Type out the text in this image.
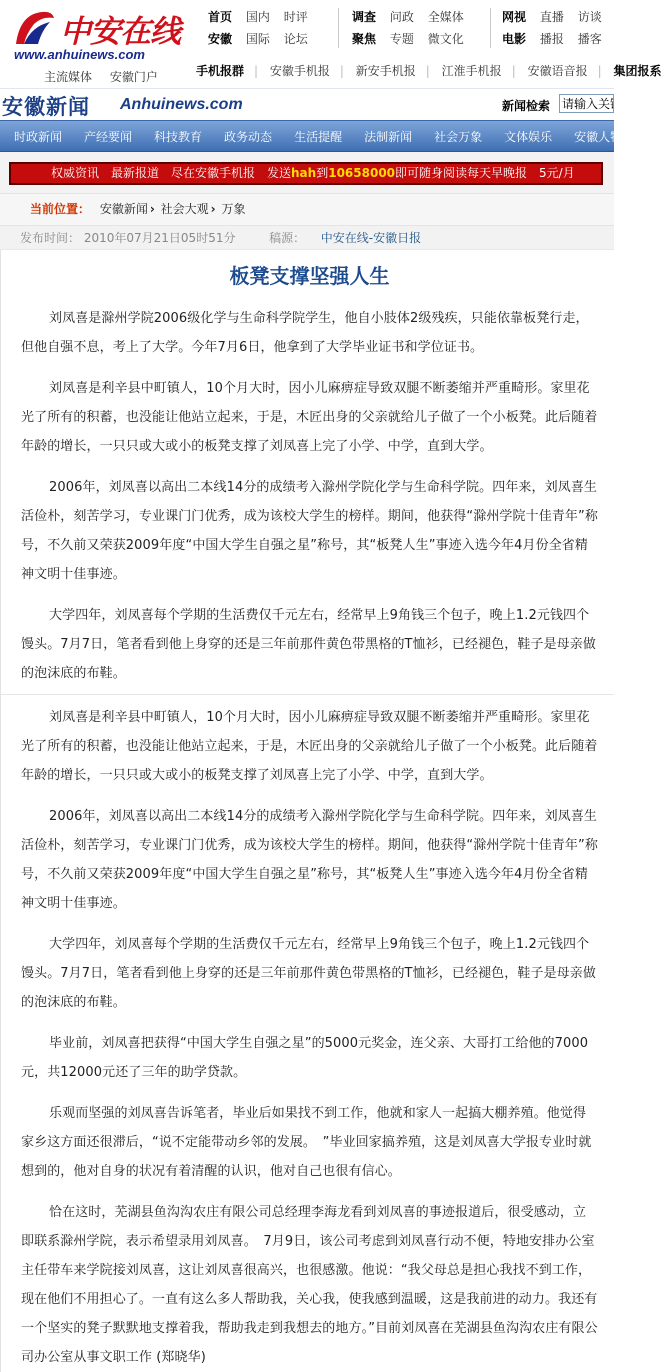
中安在线
www.anhuinews.com
主流媒体 安徽门户
首页 国内 时评
安徽 国际 论坛
调查 问政 全媒体
聚焦 专题 微文化
网视 直播 访谈
电影 播报 播客
手机报群 | 安徽手机报 | 新安手机报 | 江淮手机报 | 安徽语音报 | 集团报系
安徽新闻 Anhuinews.com	新闻检索
请输入关键
时政新闻 产经要闻 科技教育 政务动态 生活提醒 法制新闻 社会万象 文体娱乐 安徽人物
权威资讯　最新报道　尽在安徽手机报　发送hah到10658000即可随身阅读每天早晚报　5元/月
当前位置： 安徽新闻 › 社会大观 › 万象
发布时间： 2010年07月21日05时51分	稿源： 中安在线-安徽日报
板凳支撑坚强人生

刘凤喜是滁州学院2006级化学与生命科学院学生，他自小肢体2级残疾，只能依靠板凳行走，但他自强不息，考上了大学。今年7月6日，他拿到了大学毕业证书和学位证书。

刘凤喜是利辛县中町镇人，10个月大时，因小儿麻痹症导致双腿不断萎缩并严重畸形。家里花光了所有的积蓄，也没能让他站立起来，于是，木匠出身的父亲就给儿子做了一个小板凳。此后随着年龄的增长，一只只或大或小的板凳支撑了刘凤喜上完了小学、中学，直到大学。

2006年，刘凤喜以高出二本线14分的成绩考入滁州学院化学与生命科学院。四年来，刘凤喜生活俭朴，刻苦学习，专业课门门优秀，成为该校大学生的榜样。期间，他获得“滁州学院十佳青年”称号，不久前又荣获2009年度“中国大学生自强之星”称号，其“板凳人生”事迹入选今年4月份全省精神文明十佳事迹。

大学四年，刘凤喜每个学期的生活费仅千元左右，经常早上9角钱三个包子，晚上1.2元钱四个馒头。7月7日，笔者看到他上身穿的还是三年前那件黄色带黑格的T恤衫，已经褪色，鞋子是母亲做的泡沫底的布鞋。

刘凤喜是利辛县中町镇人，10个月大时，因小儿麻痹症导致双腿不断萎缩并严重畸形。家里花光了所有的积蓄，也没能让他站立起来，于是，木匠出身的父亲就给儿子做了一个小板凳。此后随着年龄的增长，一只只或大或小的板凳支撑了刘凤喜上完了小学、中学，直到大学。

2006年，刘凤喜以高出二本线14分的成绩考入滁州学院化学与生命科学院。四年来，刘凤喜生活俭朴，刻苦学习，专业课门门优秀，成为该校大学生的榜样。期间，他获得“滁州学院十佳青年”称号，不久前又荣获2009年度“中国大学生自强之星”称号，其“板凳人生”事迹入选今年4月份全省精神文明十佳事迹。

大学四年，刘凤喜每个学期的生活费仅千元左右，经常早上9角钱三个包子，晚上1.2元钱四个馒头。7月7日，笔者看到他上身穿的还是三年前那件黄色带黑格的T恤衫，已经褪色，鞋子是母亲做的泡沫底的布鞋。

毕业前，刘凤喜把获得“中国大学生自强之星”的5000元奖金，连父亲、大哥打工给他的7000元，共12000元还了三年的助学贷款。

乐观而坚强的刘凤喜告诉笔者，毕业后如果找不到工作，他就和家人一起搞大棚养殖。他觉得家乡这方面还很滞后，“说不定能带动乡邻的发展。　”毕业回家搞养殖，这是刘凤喜大学报专业时就想到的，他对自身的状况有着清醒的认识，他对自己也很有信心。

恰在这时，芜湖县鱼沟沟农庄有限公司总经理李海龙看到刘凤喜的事迹报道后，很受感动，立即联系滁州学院，表示希望录用刘凤喜。　7月9日，该公司考虑到刘凤喜行动不便，特地安排办公室主任带车来学院接刘凤喜，这让刘凤喜很高兴，也很感激。他说：“我父母总是担心我找不到工作，现在他们不用担心了。一直有这么多人帮助我，关心我，使我感到温暖，这是我前进的动力。我还有一个坚实的凳子默默地支撑着我，帮助我走到我想去的地方。”目前刘凤喜在芜湖县鱼沟沟农庄有限公司办公室从事文职工作 (郑晓华)
